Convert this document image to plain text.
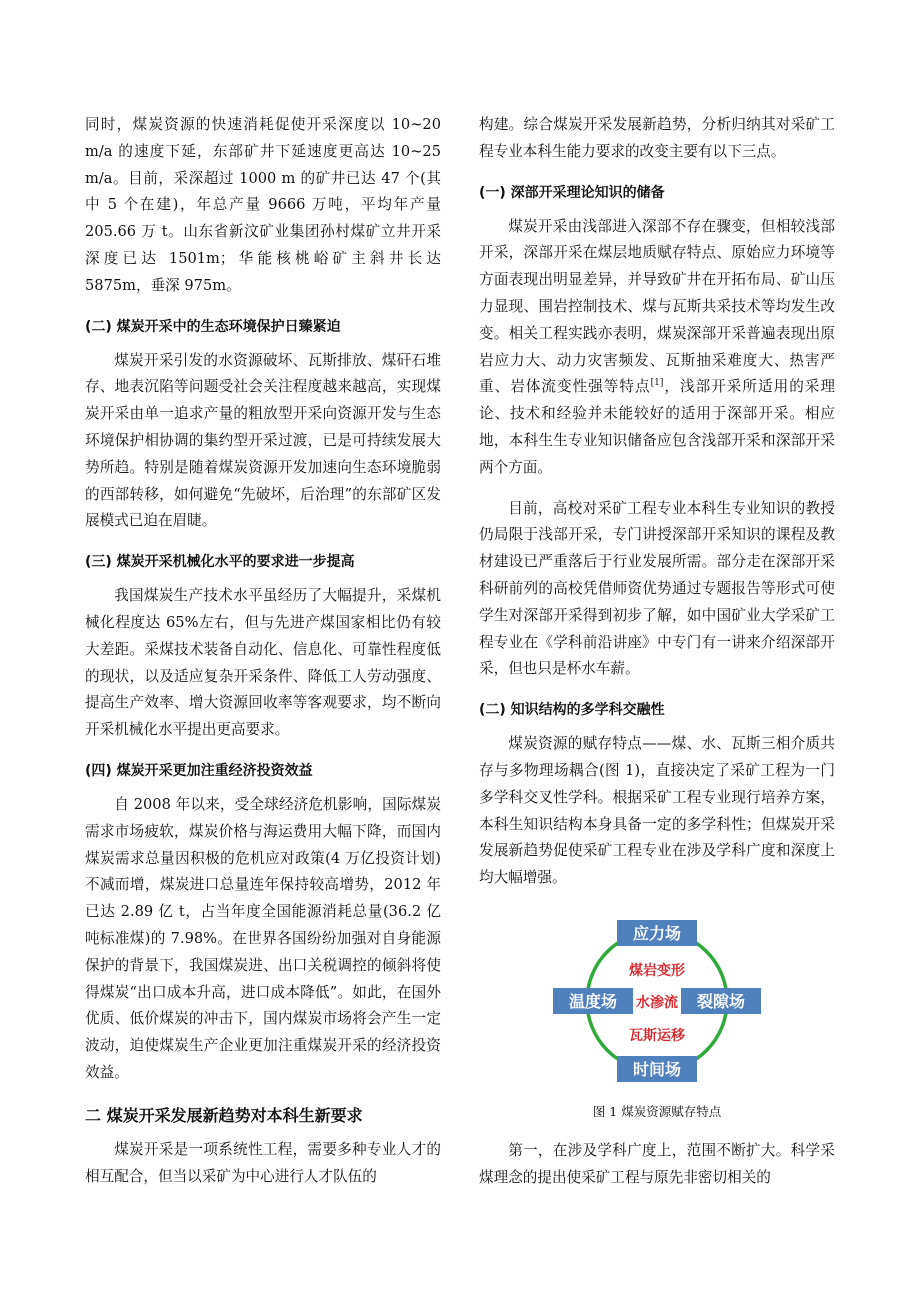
同时，煤炭资源的快速消耗促使开采深度以 10~20 m/a 的速度下延，东部矿井下延速度更高达 10~25 m/a。目前，采深超过 1000 m 的矿井已达 47 个(其中 5 个在建)，年总产量 9666 万吨，平均年产量 205.66 万 t。山东省新汶矿业集团孙村煤矿立井开采深度已达 1501m；华能核桃峪矿主斜井长达 5875m，垂深 975m。

(二) 煤炭开采中的生态环境保护日臻紧迫

煤炭开采引发的水资源破坏、瓦斯排放、煤矸石堆存、地表沉陷等问题受社会关注程度越来越高，实现煤炭开采由单一追求产量的粗放型开采向资源开发与生态环境保护相协调的集约型开采过渡，已是可持续发展大势所趋。特别是随着煤炭资源开发加速向生态环境脆弱的西部转移，如何避免“先破坏，后治理”的东部矿区发展模式已迫在眉睫。

(三) 煤炭开采机械化水平的要求进一步提高

我国煤炭生产技术水平虽经历了大幅提升，采煤机械化程度达 65%左右，但与先进产煤国家相比仍有较大差距。采煤技术装备自动化、信息化、可靠性程度低的现状，以及适应复杂开采条件、降低工人劳动强度、提高生产效率、增大资源回收率等客观要求，均不断向开采机械化水平提出更高要求。

(四) 煤炭开采更加注重经济投资效益

自 2008 年以来，受全球经济危机影响，国际煤炭需求市场疲软，煤炭价格与海运费用大幅下降，而国内煤炭需求总量因积极的危机应对政策(4 万亿投资计划)不减而增，煤炭进口总量连年保持较高增势，2012 年已达 2.89 亿 t，占当年度全国能源消耗总量(36.2 亿吨标准煤)的 7.98%。在世界各国纷纷加强对自身能源保护的背景下，我国煤炭进、出口关税调控的倾斜将使得煤炭“出口成本升高，进口成本降低”。如此，在国外优质、低价煤炭的冲击下，国内煤炭市场将会产生一定波动，迫使煤炭生产企业更加注重煤炭开采的经济投资效益。

二 煤炭开采发展新趋势对本科生新要求

煤炭开采是一项系统性工程，需要多种专业人才的相互配合，但当以采矿为中心进行人才队伍的

构建。综合煤炭开采发展新趋势，分析归纳其对采矿工程专业本科生能力要求的改变主要有以下三点。

(一) 深部开采理论知识的储备

煤炭开采由浅部进入深部不存在骤变，但相较浅部开采，深部开采在煤层地质赋存特点、原始应力环境等方面表现出明显差异，并导致矿井在开拓布局、矿山压力显现、围岩控制技术、煤与瓦斯共采技术等均发生改变。相关工程实践亦表明，煤炭深部开采普遍表现出原岩应力大、动力灾害频发、瓦斯抽采难度大、热害严重、岩体流变性强等特点[1]，浅部开采所适用的采理论、技术和经验并未能较好的适用于深部开采。相应地，本科生生专业知识储备应包含浅部开采和深部开采两个方面。

目前，高校对采矿工程专业本科生专业知识的教授仍局限于浅部开采，专门讲授深部开采知识的课程及教材建设已严重落后于行业发展所需。部分走在深部开采科研前列的高校凭借师资优势通过专题报告等形式可使学生对深部开采得到初步了解，如中国矿业大学采矿工程专业在《学科前沿讲座》中专门有一讲来介绍深部开采，但也只是杯水车薪。

(二) 知识结构的多学科交融性

煤炭资源的赋存特点——煤、水、瓦斯三相介质共存与多物理场耦合(图 1)，直接决定了采矿工程为一门多学科交叉性学科。根据采矿工程专业现行培养方案，本科生知识结构本身具备一定的多学科性；但煤炭开采发展新趋势促使采矿工程专业在涉及学科广度和深度上均大幅增强。

应力场
温度场	裂隙场
时间场
煤岩变形
水渗流
瓦斯运移

图 1 煤炭资源赋存特点

第一，在涉及学科广度上，范围不断扩大。科学采煤理念的提出使采矿工程与原先非密切相关的
